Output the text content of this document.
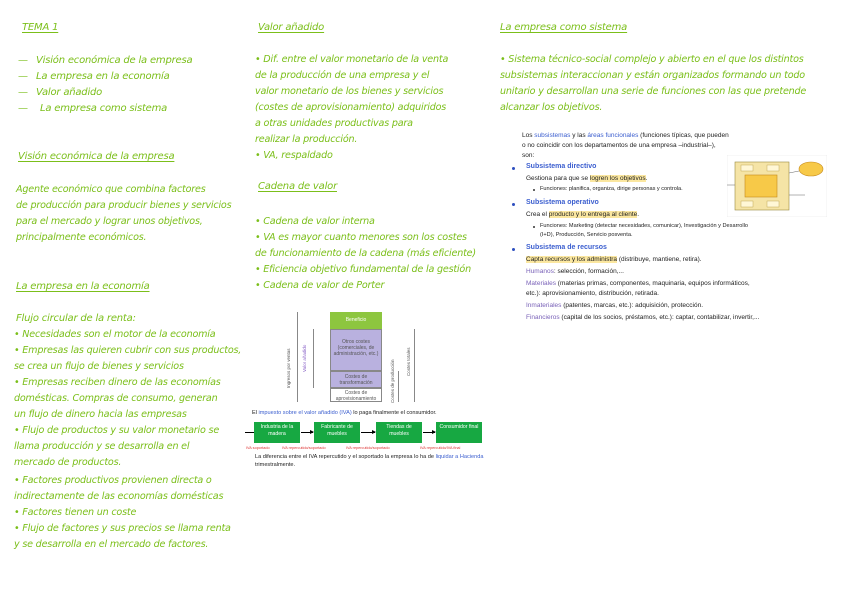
TEMA 1
— Visión económica de la empresa
— La empresa en la economía
— Valor añadido
— La empresa como sistema
Visión económica de la empresa
Agente económico que combina factores
de producción para producir bienes y servicios
para el mercado y lograr unos objetivos,
principalmente económicos.
La empresa en la economía
Flujo circular de la renta:
• Necesidades son el motor de la economía
• Empresas las quieren cubrir con sus productos,
se crea un flujo de bienes y servicios
• Empresas reciben dinero de las economías
domésticas. Compras de consumo, generan
un flujo de dinero hacia las empresas
• Flujo de productos y su valor monetario se
llama producción y se desarrolla en el
mercado de productos.
• Factores productivos provienen directa o
indirectamente de las economías domésticas
• Factores tienen un coste
• Flujo de factores y sus precios se llama renta
y se desarrolla en el mercado de factores.
Valor añadido
• Dif. entre el valor monetario de la venta
de la producción de una empresa y el
valor monetario de los bienes y servicios
(costes de aprovisionamiento) adquiridos
a otras unidades productivas para
realizar la producción.
• VA, respaldado
Cadena de valor
• Cadena de valor interna
• VA es mayor cuanto menores son los costes
de funcionamiento de la cadena (más eficiente)
• Eficiencia objetivo fundamental de la gestión
• Cadena de valor de Porter
Beneficio
Otros costes (comerciales, de administración, etc.)
Costes de transformación
Costes de aprovisionamiento
Ingresos por ventas Valor añadido	Costes totales
Costes de producción
El impuesto sobre el valor añadido (IVA) lo paga finalmente el consumidor.
Industria de la madera
Fabricante de muebles
Tiendas de muebles
Consumidor final
IVA soportado	IVA repercutido/soportado	IVA repercutido/soportado	IVA repercutido/IVA final
La diferencia entre el IVA repercutido y el soportado la empresa lo ha de liquidar a Hacienda
trimestralmente.
La empresa como sistema
• Sistema técnico-social complejo y abierto en el que los distintos
subsistemas interaccionan y están organizados formando un todo
unitario y desarrollan una serie de funciones con las que pretende
alcanzar los objetivos.
Los subsistemas y las áreas funcionales (funciones típicas, que pueden
o no coincidir con los departamentos de una empresa –industrial–),
son:
Subsistema directivo
Gestiona para que se logren los objetivos.
Funciones: planifica, organiza, dirige personas y controla.
Subsistema operativo
Crea el producto y lo entrega al cliente.
Funciones: Marketing (detectar necesidades, comunicar), Investigación y Desarrollo
(I+D), Producción, Servicio posventa.
Subsistema de recursos
Capta recursos y los administra (distribuye, mantiene, retira).
Humanos: selección, formación,...
Materiales (materias primas, componentes, maquinaria, equipos informáticos,
etc.): aprovisionamiento, distribución, retirada.
Inmateriales (patentes, marcas, etc.): adquisición, protección.
Financieros (capital de los socios, préstamos, etc.): captar, contabilizar, invertir,...
